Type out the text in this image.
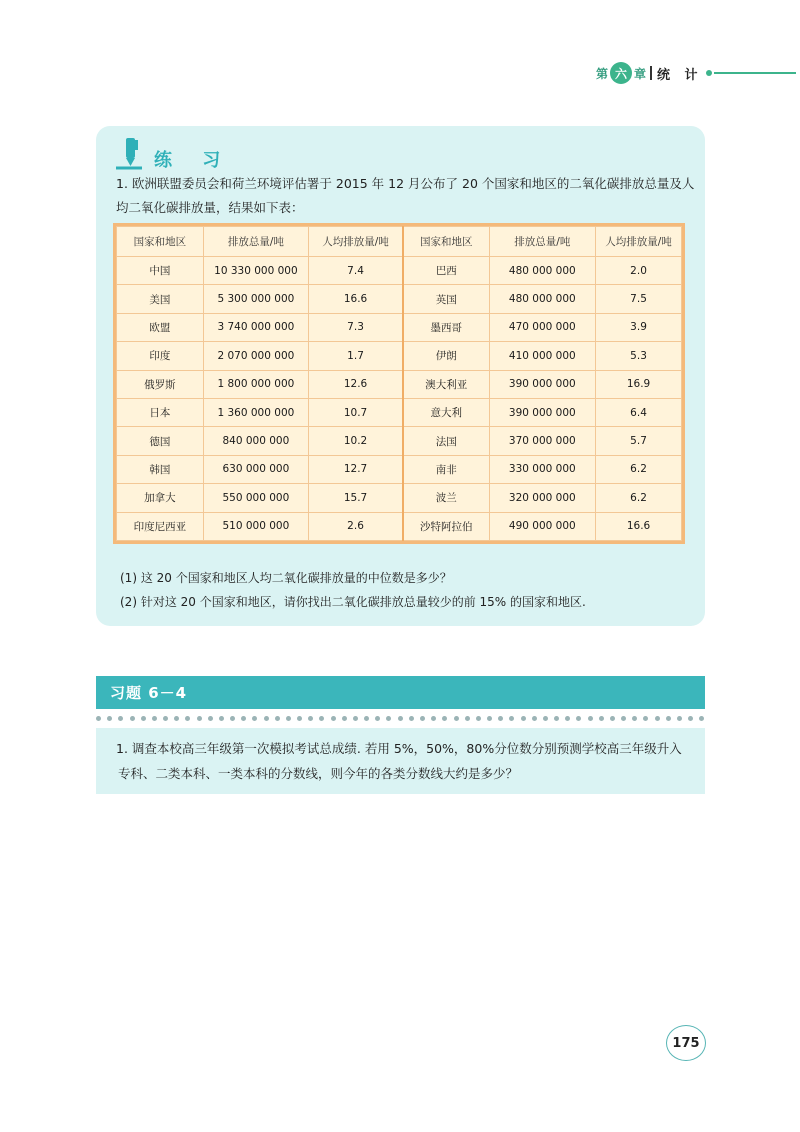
第 六 章 统 计
练 习
1. 欧洲联盟委员会和荷兰环境评估署于 2015 年 12 月公布了 20 个国家和地区的二氧化碳排放总量及人均二氧化碳排放量，结果如下表：
国家和地区	排放总量/吨	人均排放量/吨	国家和地区	排放总量/吨	人均排放量/吨
中国	10 330 000 000	7.4	巴西	480 000 000	2.0
美国	5 300 000 000	16.6	英国	480 000 000	7.5
欧盟	3 740 000 000	7.3	墨西哥	470 000 000	3.9
印度	2 070 000 000	1.7	伊朗	410 000 000	5.3
俄罗斯	1 800 000 000	12.6	澳大利亚	390 000 000	16.9
日本	1 360 000 000	10.7	意大利	390 000 000	6.4
德国	840 000 000	10.2	法国	370 000 000	5.7
韩国	630 000 000	12.7	南非	330 000 000	6.2
加拿大	550 000 000	15.7	波兰	320 000 000	6.2
印度尼西亚	510 000 000	2.6	沙特阿拉伯	490 000 000	16.6
(1) 这 20 个国家和地区人均二氧化碳排放量的中位数是多少？
(2) 针对这 20 个国家和地区，请你找出二氧化碳排放总量较少的前 15% 的国家和地区.
习题 6－4
1. 调查本校高三年级第一次模拟考试总成绩. 若用 5%，50%，80%分位数分别预测学校高三年级升入
专科、二类本科、一类本科的分数线，则今年的各类分数线大约是多少？
175
